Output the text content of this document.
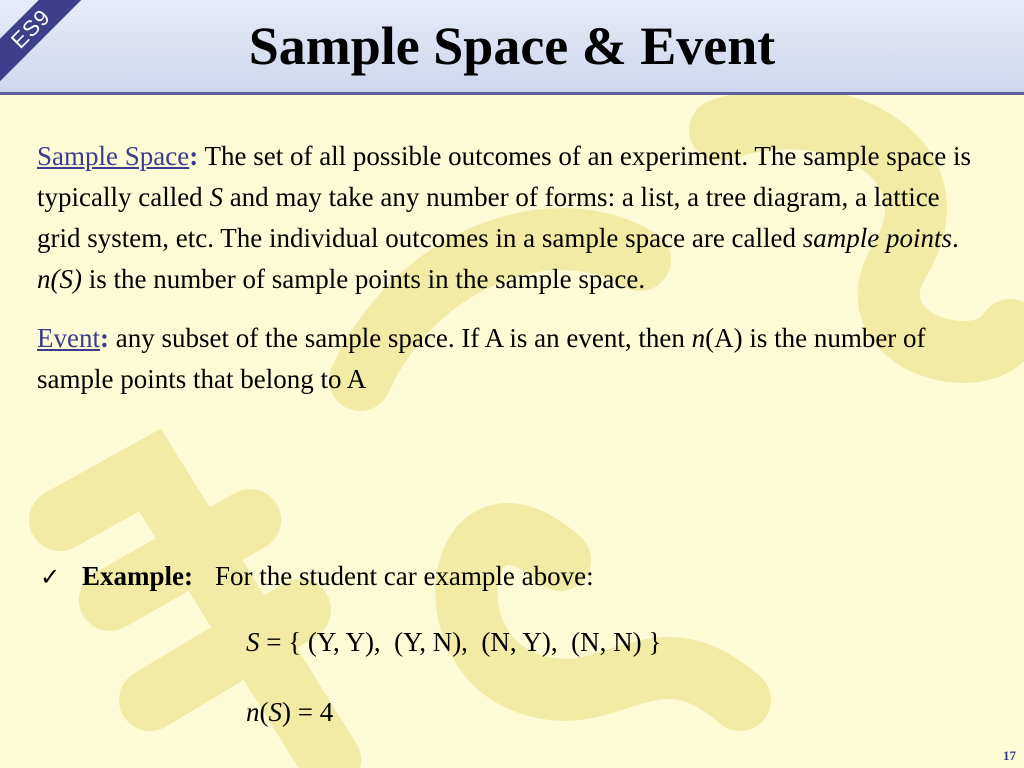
ES9	Sample Space & Event

Sample Space: The set of all possible outcomes of an experiment. The sample space is typically called S and may take any number of forms: a list, a tree diagram, a lattice grid system, etc. The individual outcomes in a sample space are called sample points.
n(S) is the number of sample points in the sample space.

Event: any subset of the sample space. If A is an event, then n(A) is the number of sample points that belong to A

✓ Example: For the student car example above:
S = { (Y, Y),  (Y, N),  (N, Y),  (N, N) }
n(S) = 4
17
